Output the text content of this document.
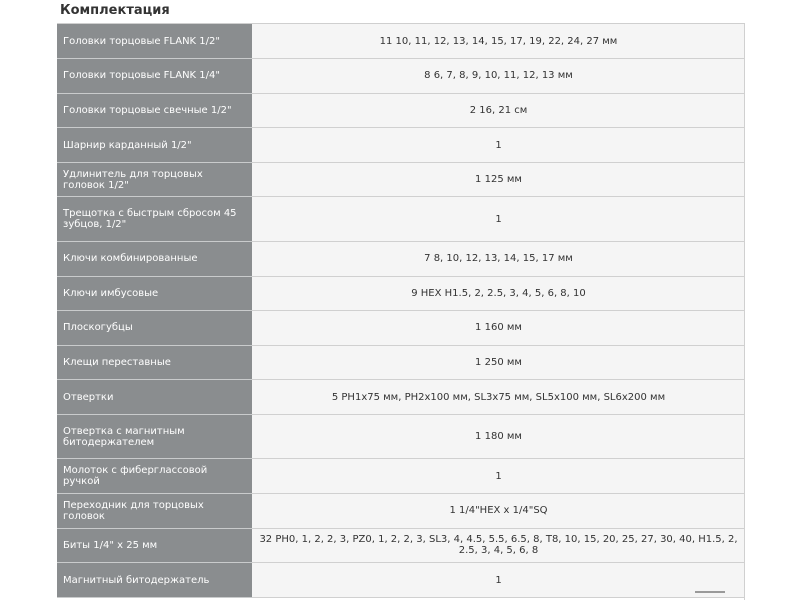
Комплектация
Головки торцовые FLANK 1/2"	11 10, 11, 12, 13, 14, 15, 17, 19, 22, 24, 27 мм
Головки торцовые FLANK 1/4"	8 6, 7, 8, 9, 10, 11, 12, 13 мм
Головки торцовые свечные 1/2"	2 16, 21 см
Шарнир карданный 1/2"	1
Удлинитель для торцовых головок 1/2"	1 125 мм
Трещотка с быстрым сбросом 45 зубцов, 1/2"	1
Ключи комбинированные	7 8, 10, 12, 13, 14, 15, 17 мм
Ключи имбусовые	9 HEX H1.5, 2, 2.5, 3, 4, 5, 6, 8, 10
Плоскогубцы	1 160 мм
Клещи переставные	1 250 мм
Отвертки	5 PH1x75 мм, PH2x100 мм, SL3x75 мм, SL5x100 мм, SL6x200 мм
Отвертка с магнитным битодержателем	1 180 мм
Молоток с фиберглассовой ручкой	1
Переходник для торцовых головок	1 1/4"HEX x 1/4"SQ
Биты 1/4" x 25 мм	32 PH0, 1, 2, 2, 3, PZ0, 1, 2, 2, 3, SL3, 4, 4.5, 5.5, 6.5, 8, T8, 10, 15, 20, 25, 27, 30, 40, H1.5, 2, 2.5, 3, 4, 5, 6, 8
Магнитный битодержатель	1
